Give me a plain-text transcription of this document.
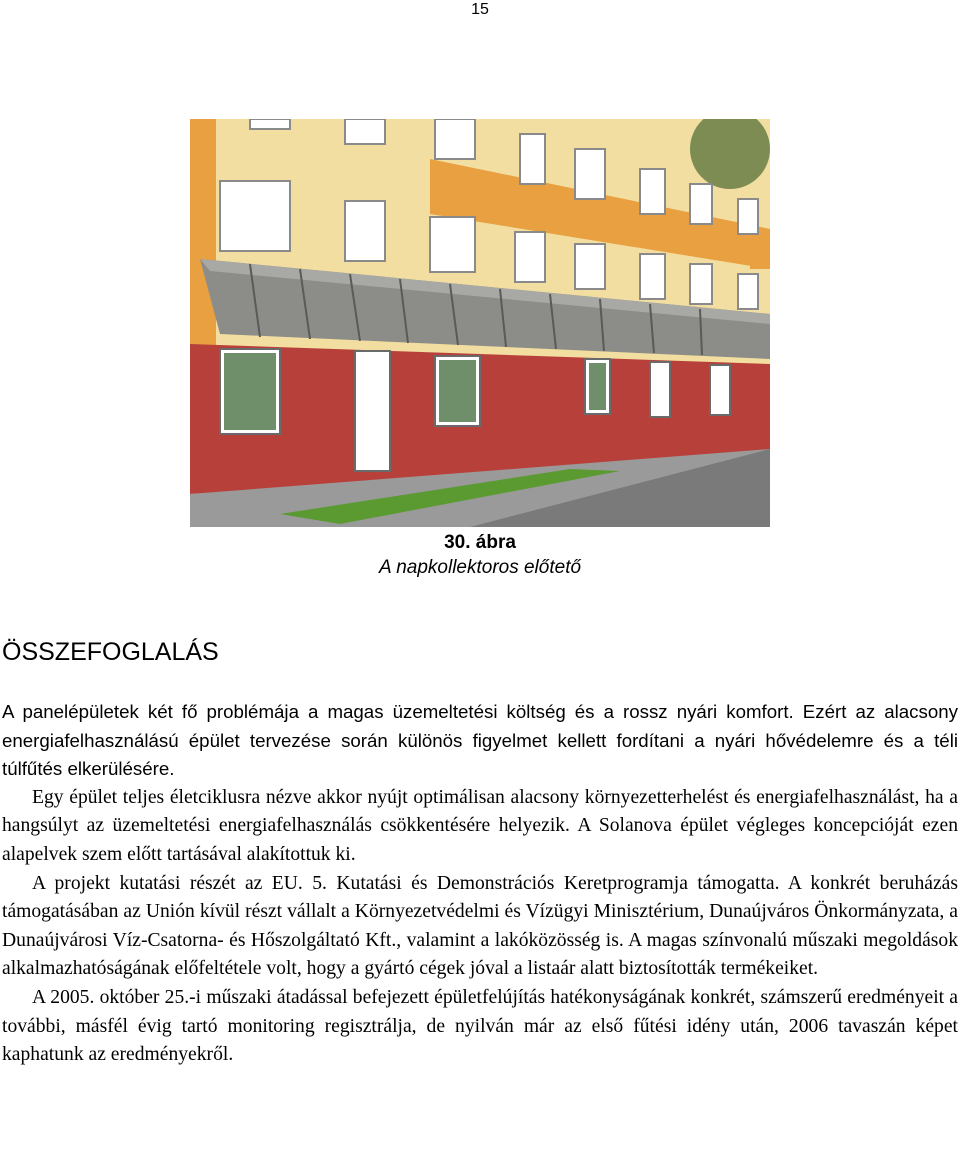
15
30. ábra
A napkollektoros előtető
ÖSSZEFOGLALÁS

A panelépületek két fő problémája a magas üzemeltetési költség és a rossz nyári komfort. Ezért az alacsony energiafelhasználású épület tervezése során különös figyelmet kellett fordítani a nyári hővédelemre és a téli túlfűtés elkerülésére.

Egy épület teljes életciklusra nézve akkor nyújt optimálisan alacsony környezetterhelést és energiafelhasználást, ha a hangsúlyt az üzemeltetési energiafelhasználás csökkentésére helyezik. A Solanova épület végleges koncepcióját ezen alapelvek szem előtt tartásával alakítottuk ki.

A projekt kutatási részét az EU. 5. Kutatási és Demonstrációs Keretprogramja támogatta. A konkrét beruházás támogatásában az Unión kívül részt vállalt a Környezetvédelmi és Vízügyi Minisztérium, Dunaújváros Önkormányzata, a Dunaújvárosi Víz-Csatorna- és Hőszolgáltató Kft., valamint a lakóközösség is. A magas színvonalú műszaki megoldások alkalmazhatóságának előfeltétele volt, hogy a gyártó cégek jóval a listaár alatt biztosították termékeiket.

A 2005. október 25.-i műszaki átadással befejezett épületfelújítás hatékonyságának konkrét, számszerű eredményeit a további, másfél évig tartó monitoring regisztrálja, de nyilván már az első fűtési idény után, 2006 tavaszán képet kaphatunk az eredményekről.
